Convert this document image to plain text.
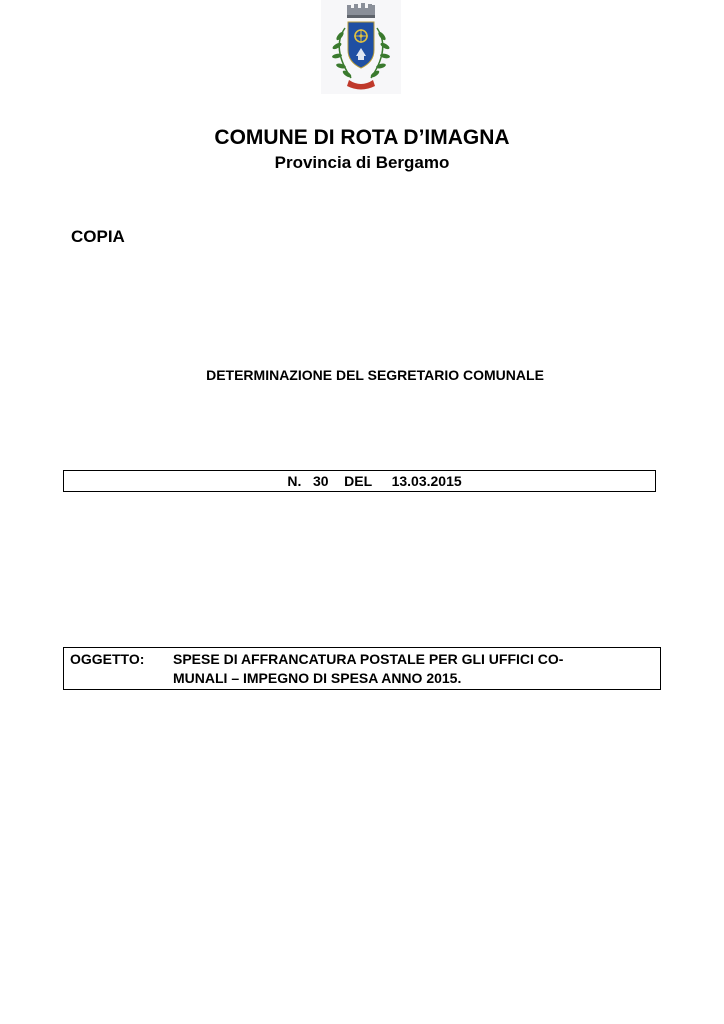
COMUNE DI ROTA D’IMAGNA
Provincia di Bergamo
COPIA
DETERMINAZIONE DEL SEGRETARIO COMUNALE
N.
30
DEL
13.03.2015
OGGETTO:	SPESE DI AFFRANCATURA POSTALE PER GLI UFFICI CO-
MUNALI – IMPEGNO DI SPESA ANNO 2015.
